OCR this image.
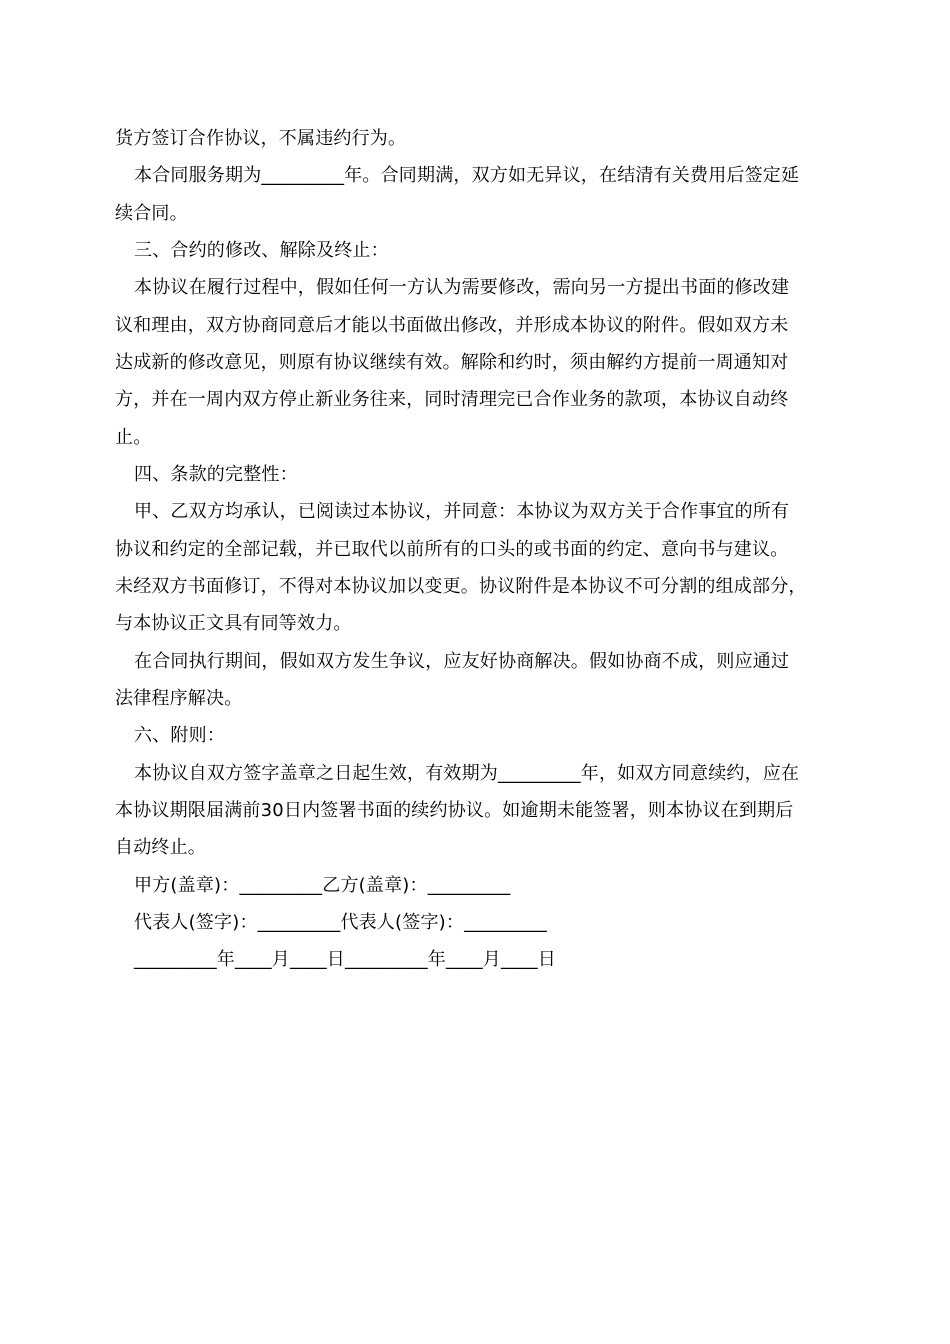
货方签订合作协议，不属违约行为。
本合同服务期为_________年。合同期满，双方如无异议，在结清有关费用后签定延
续合同。
三、合约的修改、解除及终止：
本协议在履行过程中，假如任何一方认为需要修改，需向另一方提出书面的修改建
议和理由，双方协商同意后才能以书面做出修改，并形成本协议的附件。假如双方未
达成新的修改意见，则原有协议继续有效。解除和约时，须由解约方提前一周通知对
方，并在一周内双方停止新业务往来，同时清理完已合作业务的款项，本协议自动终
止。
四、条款的完整性：
甲、乙双方均承认，已阅读过本协议，并同意：本协议为双方关于合作事宜的所有
协议和约定的全部记载，并已取代以前所有的口头的或书面的约定、意向书与建议。
未经双方书面修订，不得对本协议加以变更。协议附件是本协议不可分割的组成部分，
与本协议正文具有同等效力。
在合同执行期间，假如双方发生争议，应友好协商解决。假如协商不成，则应通过
法律程序解决。
六、附则：
本协议自双方签字盖章之日起生效，有效期为_________年，如双方同意续约，应在
本协议期限届满前30日内签署书面的续约协议。如逾期未能签署，则本协议在到期后
自动终止。
甲方(盖章)：_________乙方(盖章)：_________
代表人(签字)：_________代表人(签字)：_________
_________年____月____日_________年____月____日
